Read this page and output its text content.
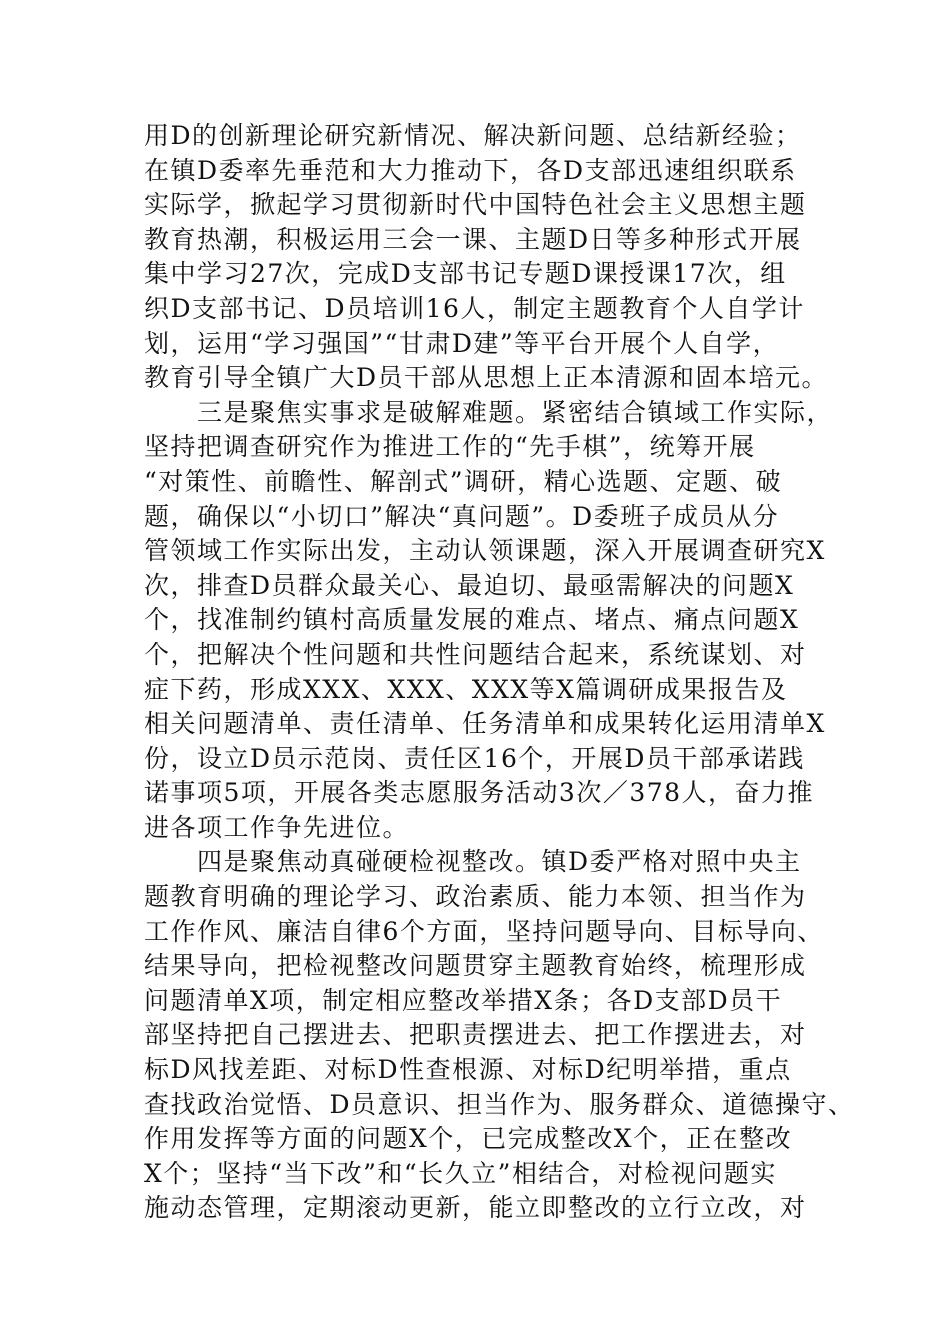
用D的创新理论研究新情况、解决新问题、总结新经验；
在镇D委率先垂范和大力推动下，各D支部迅速组织联系
实际学，掀起学习贯彻新时代中国特色社会主义思想主题
教育热潮，积极运用三会一课、主题D日等多种形式开展
集中学习27次，完成D支部书记专题D课授课17次，组
织D支部书记、D员培训16人，制定主题教育个人自学计
划，运用“学习强国”“甘肃D建”等平台开展个人自学，
教育引导全镇广大D员干部从思想上正本清源和固本培元。
　　三是聚焦实事求是破解难题。紧密结合镇域工作实际，
坚持把调查研究作为推进工作的“先手棋”，统筹开展
“对策性、前瞻性、解剖式”调研，精心选题、定题、破
题，确保以“小切口”解决“真问题”。D委班子成员从分
管领域工作实际出发，主动认领课题，深入开展调查研究X
次，排查D员群众最关心、最迫切、最亟需解决的问题X
个，找准制约镇村高质量发展的难点、堵点、痛点问题X
个，把解决个性问题和共性问题结合起来，系统谋划、对
症下药，形成XXX、XXX、XXX等X篇调研成果报告及
相关问题清单、责任清单、任务清单和成果转化运用清单X
份，设立D员示范岗、责任区16个，开展D员干部承诺践
诺事项5项，开展各类志愿服务活动3次／378人，奋力推
进各项工作争先进位。
　　四是聚焦动真碰硬检视整改。镇D委严格对照中央主
题教育明确的理论学习、政治素质、能力本领、担当作为
工作作风、廉洁自律6个方面，坚持问题导向、目标导向、
结果导向，把检视整改问题贯穿主题教育始终，梳理形成
问题清单X项，制定相应整改举措X条；各D支部D员干
部坚持把自己摆进去、把职责摆进去、把工作摆进去，对
标D风找差距、对标D性查根源、对标D纪明举措，重点
查找政治觉悟、D员意识、担当作为、服务群众、道德操守、
作用发挥等方面的问题X个，已完成整改X个，正在整改
X个；坚持“当下改”和“长久立”相结合，对检视问题实
施动态管理，定期滚动更新，能立即整改的立行立改，对
